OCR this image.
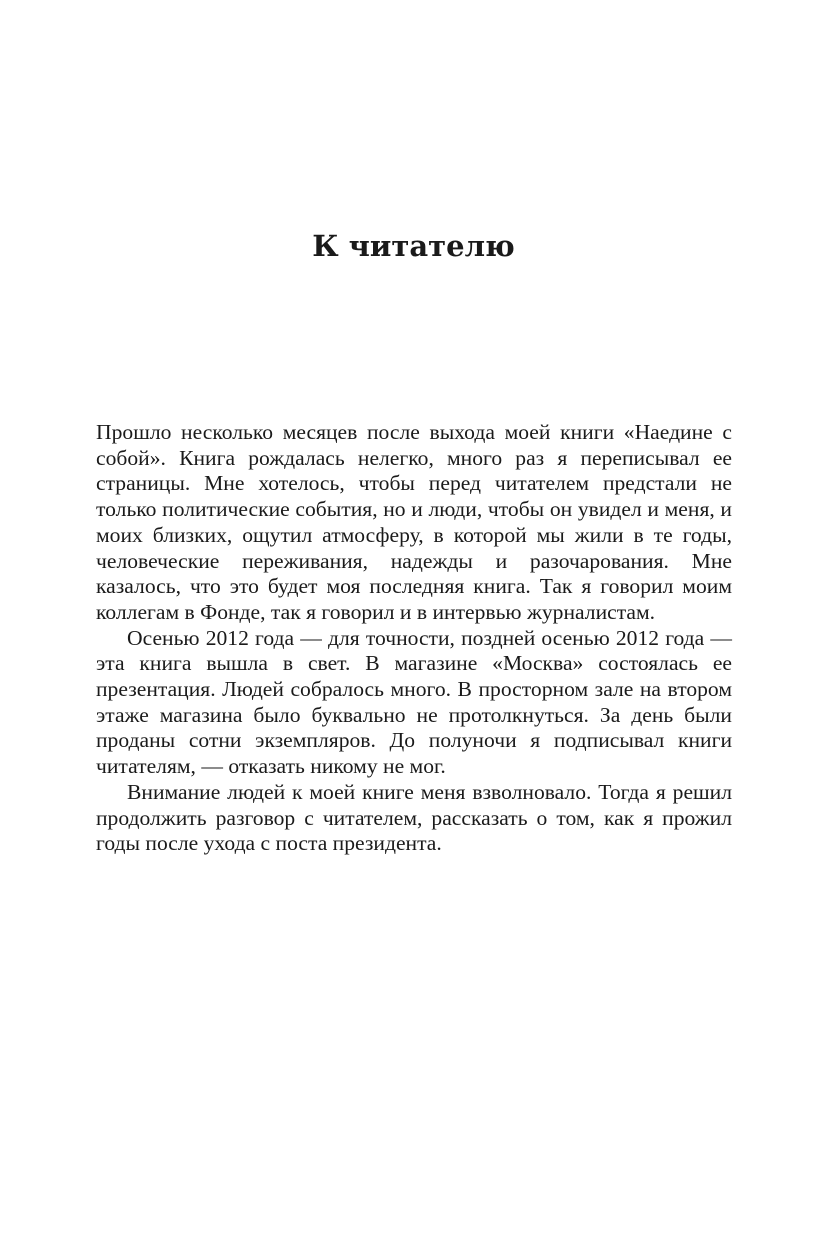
К читателю

Прошло несколько месяцев после выхода моей книги «Наедине с собой». Книга рождалась нелегко, много раз я переписывал ее страницы. Мне хотелось, чтобы перед читателем предстали не только политические события, но и люди, чтобы он увидел и меня, и моих близких, ощутил атмосферу, в которой мы жили в те годы, человеческие переживания, надежды и разочарования. Мне казалось, что это будет моя последняя книга. Так я говорил моим коллегам в Фонде, так я говорил и в интервью журналистам.

Осенью 2012 года — для точности, поздней осенью 2012 года — эта книга вышла в свет. В магазине «Москва» состоялась ее презентация. Людей собралось много. В просторном зале на втором этаже магазина было буквально не протолкнуться. За день были проданы сотни экземпляров. До полуночи я подписывал книги читателям, — отказать никому не мог.

Внимание людей к моей книге меня взволновало. Тогда я решил продолжить разговор с читателем, рассказать о том, как я прожил годы после ухода с поста президента.
